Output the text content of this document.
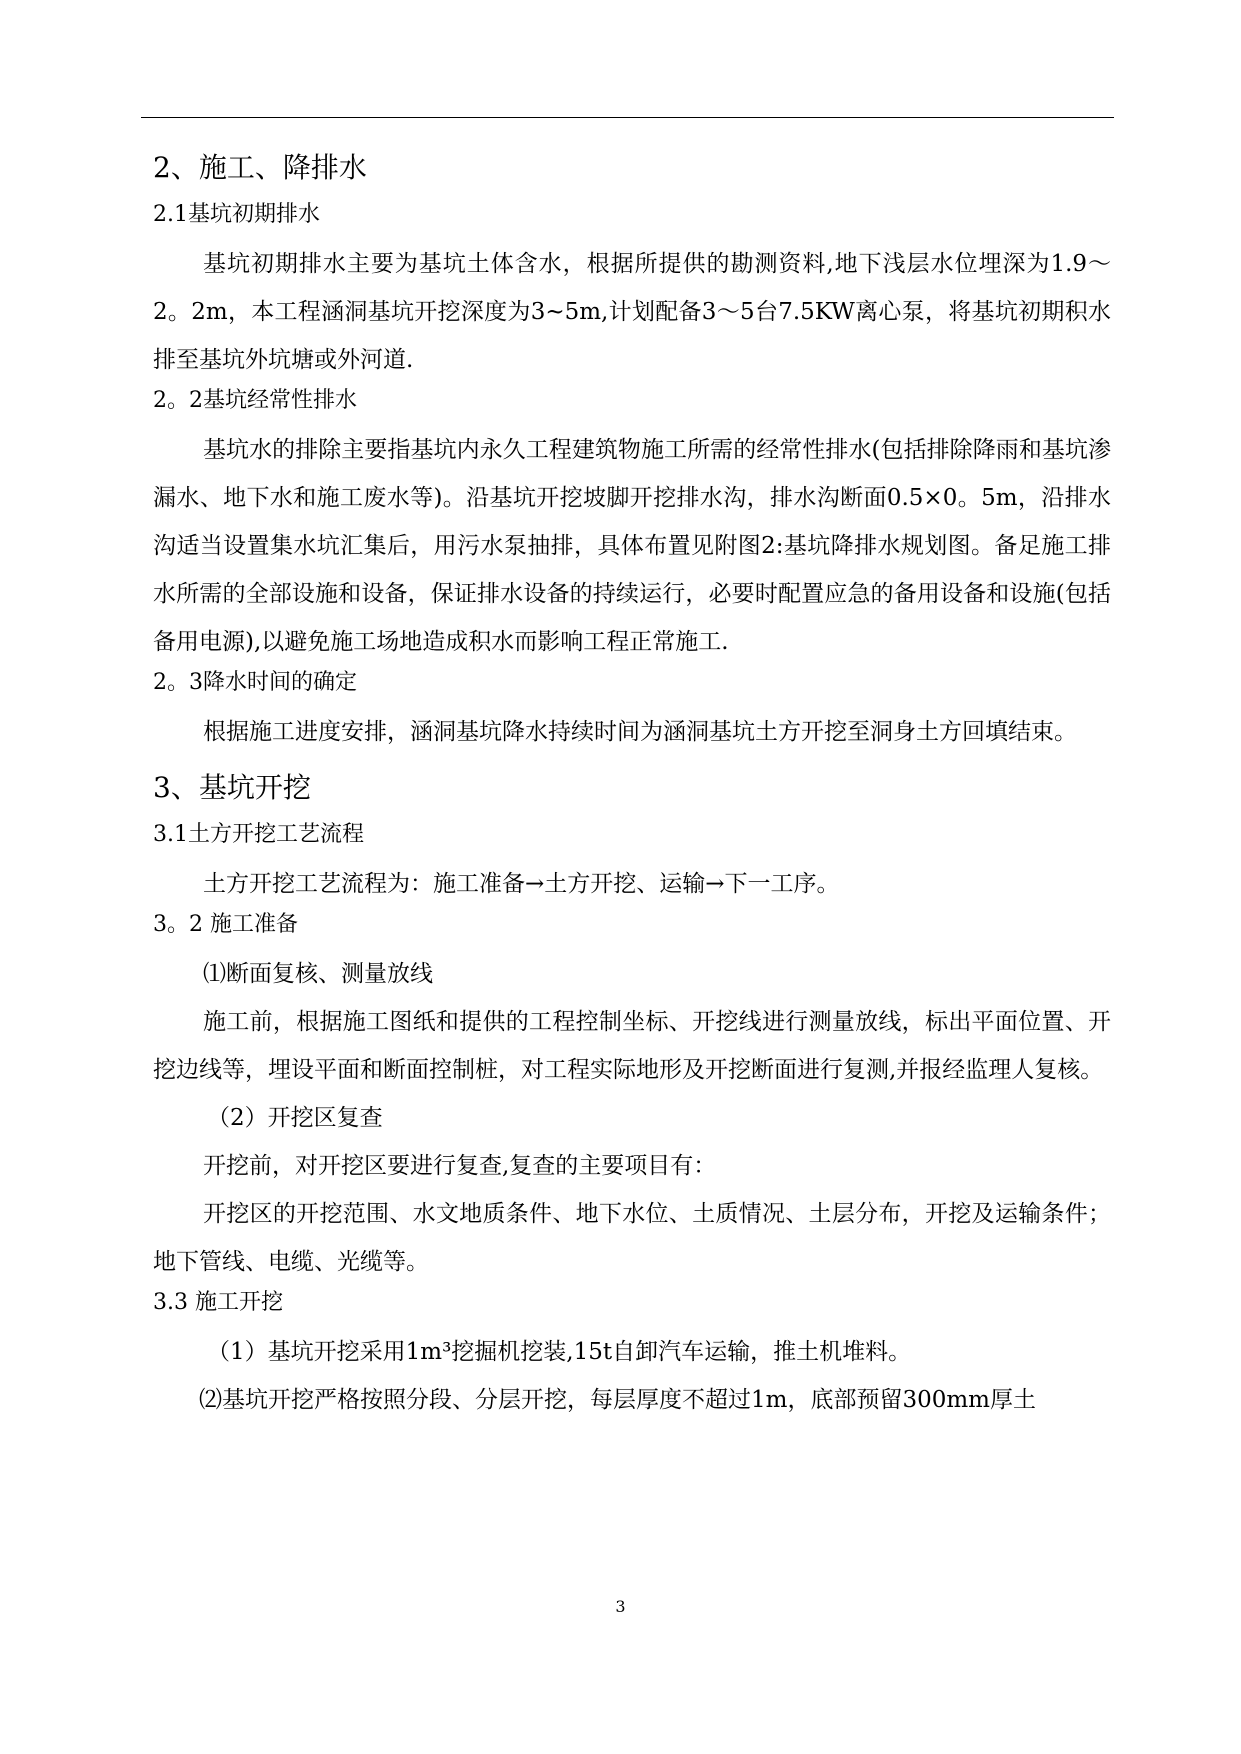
2、施工、降排水
2.1基坑初期排水

基坑初期排水主要为基坑土体含水，根据所提供的勘测资料,地下浅层水位埋深为1.9～2。2m，本工程涵洞基坑开挖深度为3~5m,计划配备3～5台7.5KW离心泵，将基坑初期积水排至基坑外坑塘或外河道.

2。2基坑经常性排水

基坑水的排除主要指基坑内永久工程建筑物施工所需的经常性排水(包括排除降雨和基坑渗漏水、地下水和施工废水等)。沿基坑开挖坡脚开挖排水沟，排水沟断面0.5×0。5m，沿排水沟适当设置集水坑汇集后，用污水泵抽排，具体布置见附图2:基坑降排水规划图。备足施工排水所需的全部设施和设备，保证排水设备的持续运行，必要时配置应急的备用设备和设施(包括备用电源),以避免施工场地造成积水而影响工程正常施工.

2。3降水时间的确定

根据施工进度安排，涵洞基坑降水持续时间为涵洞基坑土方开挖至洞身土方回填结束。

3、基坑开挖
3.1土方开挖工艺流程

土方开挖工艺流程为：施工准备→土方开挖、运输→下一工序。

3。2 施工准备

⑴断面复核、测量放线

施工前，根据施工图纸和提供的工程控制坐标、开挖线进行测量放线，标出平面位置、开挖边线等，埋设平面和断面控制桩，对工程实际地形及开挖断面进行复测,并报经监理人复核。

（2）开挖区复查

开挖前，对开挖区要进行复查,复查的主要项目有：

开挖区的开挖范围、水文地质条件、地下水位、土质情况、土层分布，开挖及运输条件；地下管线、电缆、光缆等。

3.3 施工开挖

（1）基坑开挖采用1m³挖掘机挖装,15t自卸汽车运输，推土机堆料。

⑵基坑开挖严格按照分段、分层开挖，每层厚度不超过1m，底部预留300mm厚土

3
